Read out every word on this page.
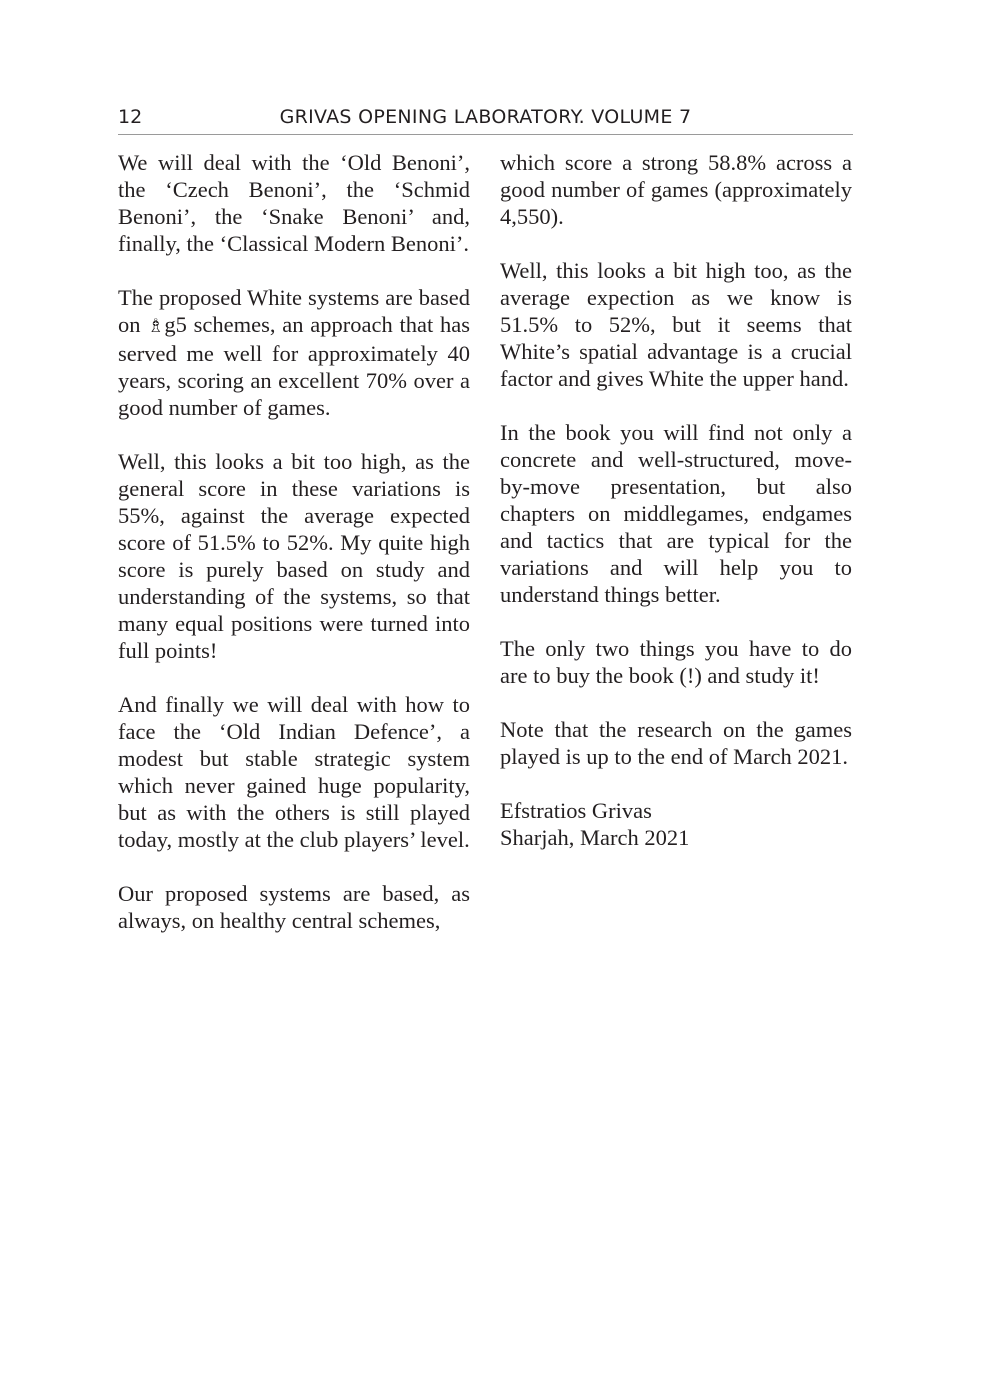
12	GRIVAS OPENING LABORATORY. VOLUME 7

We will deal with the ‘Old Benoni’, the ‘Czech Benoni’, the ‘Schmid Benoni’, the ‘Snake Benoni’ and, finally, the ‘Classical Modern Benoni’.

The proposed White systems are based on ♗g5 schemes, an approach that has served me well for approximately 40 years, scoring an excellent 70% over a good number of games.

Well, this looks a bit too high, as the general score in these variations is 55%, against the average expected score of 51.5% to 52%. My quite high score is purely based on study and understanding of the systems, so that many equal positions were turned into full points!

And finally we will deal with how to face the ‘Old Indian Defence’, a modest but stable strategic system which never gained huge popularity, but as with the others is still played today, mostly at the club players’ level.

Our proposed systems are based, as always, on healthy central schemes,

which score a strong 58.8% across a good number of games (approximately 4,550).

Well, this looks a bit high too, as the average expection as we know is 51.5% to 52%, but it seems that White’s spatial advantage is a crucial factor and gives White the upper hand.

In the book you will find not only a concrete and well-structured, move-by-move presentation, but also chapters on middlegames, endgames and tactics that are typical for the variations and will help you to understand things better.

The only two things you have to do are to buy the book (!) and study it!

Note that the research on the games played is up to the end of March 2021.

Efstratios Grivas
Sharjah, March 2021
